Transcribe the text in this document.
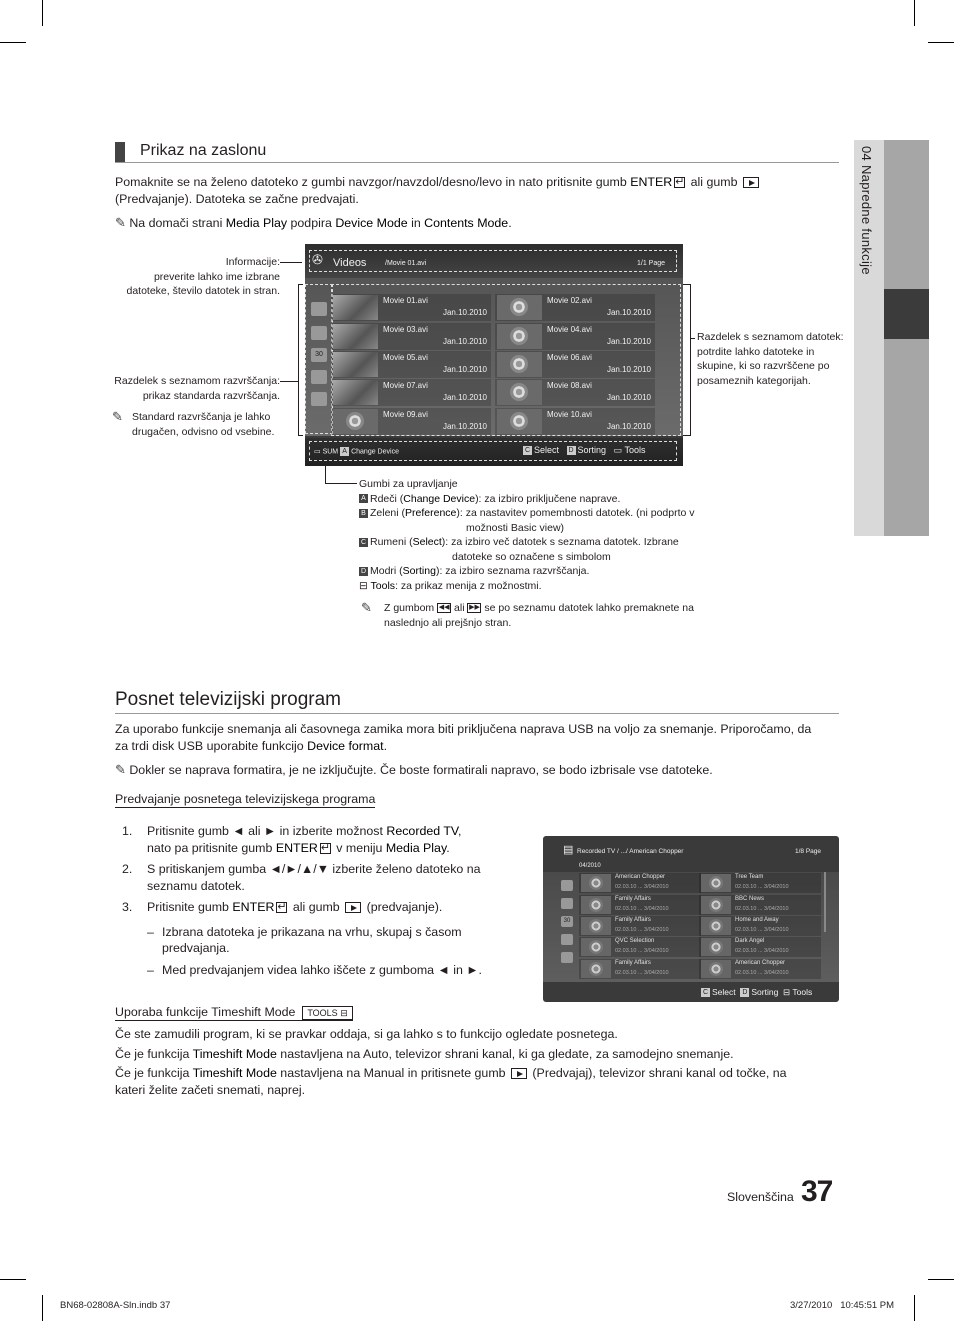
04 Napredne funkcije
Prikaz na zaslonu
Pomaknite se na želeno datoteko z gumbi navzgor/navzdol/desno/levo in nato pritisnite gumb ENTER↵ ali gumb
(Predvajanje). Datoteka se začne predvajati.
✎ Na domači strani Media Play podpira Device Mode in Contents Mode.
Informacije:
preverite lahko ime izbrane
datoteke, število datotek in stran.
Razdelek s seznamom razvrščanja:
prikaz standarda razvrščanja.
✎ Standard razvrščanja je lahko
drugačen, odvisno od vsebine.
Razdelek s seznamom datotek:
potrdite lahko datoteke in
skupine, ki so razvrščene po
posameznih kategorijah.
✇ Videos	/Movie 01.avi	1/1 Page
30
Movie 01.avi
Jan.10.2010
Movie 02.avi
Jan.10.2010
Movie 03.avi
Jan.10.2010
Movie 04.avi
Jan.10.2010
Movie 05.avi
Jan.10.2010
Movie 06.avi
Jan.10.2010
Movie 07.avi
Jan.10.2010
Movie 08.avi
Jan.10.2010
Movie 09.avi
Jan.10.2010
Movie 10.avi
Jan.10.2010
▭ SUM A Change Device	C Select D Sorting ▭ Tools
Gumbi za upravljanje
A Rdeči (Change Device): za izbiro priključene naprave.
B Zeleni (Preference): za nastavitev pomembnosti datotek. (ni podprto v
možnosti Basic view)
C Rumeni (Select): za izbiro več datotek s seznama datotek. Izbrane
datoteke so označene s simbolom
D Modri (Sorting): za izbiro seznama razvrščanja.
⊟ Tools: za prikaz menija z možnostmi.
✎ Z gumbom ◀◀ ali ▶▶ se po seznamu datotek lahko premaknete na
naslednjo ali prejšnjo stran.
Posnet televizijski program
Za uporabo funkcije snemanja ali časovnega zamika mora biti priključena naprava USB na voljo za snemanje. Priporočamo, da
za trdi disk USB uporabite funkcijo Device format.
✎ Dokler se naprava formatira, je ne izključujte. Če boste formatirali napravo, se bodo izbrisale vse datoteke.
Predvajanje posnetega televizijskega programa
1. Pritisnite gumb ◄ ali ► in izberite možnost Recorded TV,
nato pa pritisnite gumb ENTER↵ v meniju Media Play.
2. S pritiskanjem gumba ◄/►/▲/▼ izberite želeno datoteko na
seznamu datotek.
3. Pritisnite gumb ENTER↵ ali gumb  (predvajanje).
– Izbrana datoteka je prikazana na vrhu, skupaj s časom
predvajanja.
– Med predvajanjem videa lahko iščete z gumboma ◄ in ►.
▤ Recorded TV / .../ American Chopper	1/8 Page
04/2010
30
American Chopper
02.03.10 ... 3/04/2010
Tree Team
02.03.10 ... 3/04/2010
Family Affairs
02.03.10 ... 3/04/2010
BBC News
02.03.10 ... 3/04/2010
Family Affairs
02.03.10 ... 3/04/2010
Home and Away
02.03.10 ... 3/04/2010
QVC Selection
02.03.10 ... 3/04/2010
Dark Angel
02.03.10 ... 3/04/2010
Family Affairs
02.03.10 ... 3/04/2010
American Chopper
02.03.10 ... 3/04/2010
C Select D Sorting ⊟ Tools
Uporaba funkcije Timeshift Mode TOOLS ⊟
Če ste zamudili program, ki se pravkar oddaja, si ga lahko s to funkcijo ogledate posnetega.
Če je funkcija Timeshift Mode nastavljena na Auto, televizor shrani kanal, ki ga gledate, za samodejno snemanje.
Če je funkcija Timeshift Mode nastavljena na Manual in pritisnete gumb  (Predvajaj), televizor shrani kanal od točke, na
kateri želite začeti snemati, naprej.
Slovenščina 37
BN68-02808A-Sln.indb 37	3/27/2010 10:45:51 PM
